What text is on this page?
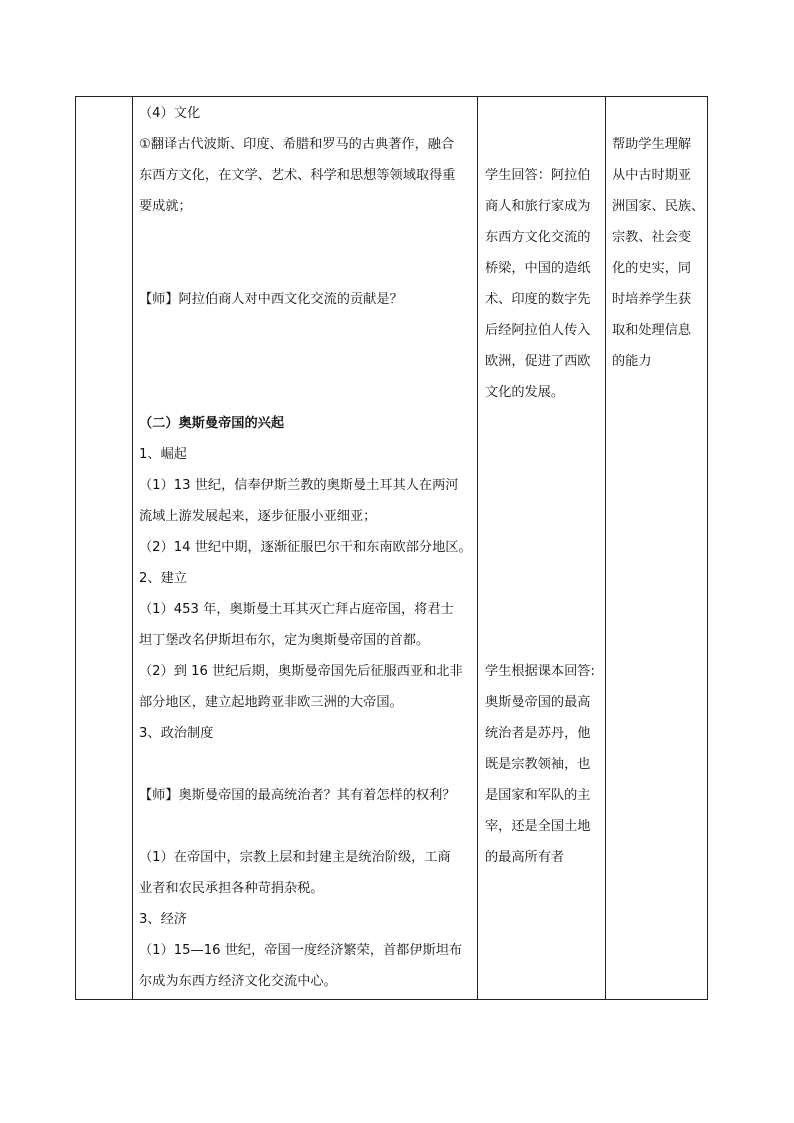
（4）文化
①翻译古代波斯、印度、希腊和罗马的古典著作，融合
东西方文化，在文学、艺术、科学和思想等领域取得重
要成就；
【师】阿拉伯商人对中西文化交流的贡献是？
（二）奥斯曼帝国的兴起
1、崛起
（1）13 世纪，信奉伊斯兰教的奥斯曼土耳其人在两河
流域上游发展起来，逐步征服小亚细亚；
（2）14 世纪中期，逐渐征服巴尔干和东南欧部分地区。
2、建立
（1）453 年，奥斯曼土耳其灭亡拜占庭帝国，将君士
坦丁堡改名伊斯坦布尔，定为奥斯曼帝国的首都。
（2）到 16 世纪后期，奥斯曼帝国先后征服西亚和北非
部分地区，建立起地跨亚非欧三洲的大帝国。
3、政治制度
【师】奥斯曼帝国的最高统治者？其有着怎样的权利？
（1）在帝国中，宗教上层和封建主是统治阶级，工商
业者和农民承担各种苛捐杂税。
3、经济
（1）15—16 世纪，帝国一度经济繁荣，首都伊斯坦布
尔成为东西方经济文化交流中心。
学生回答：阿拉伯
商人和旅行家成为
东西方文化交流的
桥梁，中国的造纸
术、印度的数字先
后经阿拉伯人传入
欧洲，促进了西欧
文化的发展。
学生根据课本回答:
奥斯曼帝国的最高
统治者是苏丹，他
既是宗教领袖，也
是国家和军队的主
宰，还是全国土地
的最高所有者
帮助学生理解
从中古时期亚
洲国家、民族、
宗教、社会变
化的史实，同
时培养学生获
取和处理信息
的能力
